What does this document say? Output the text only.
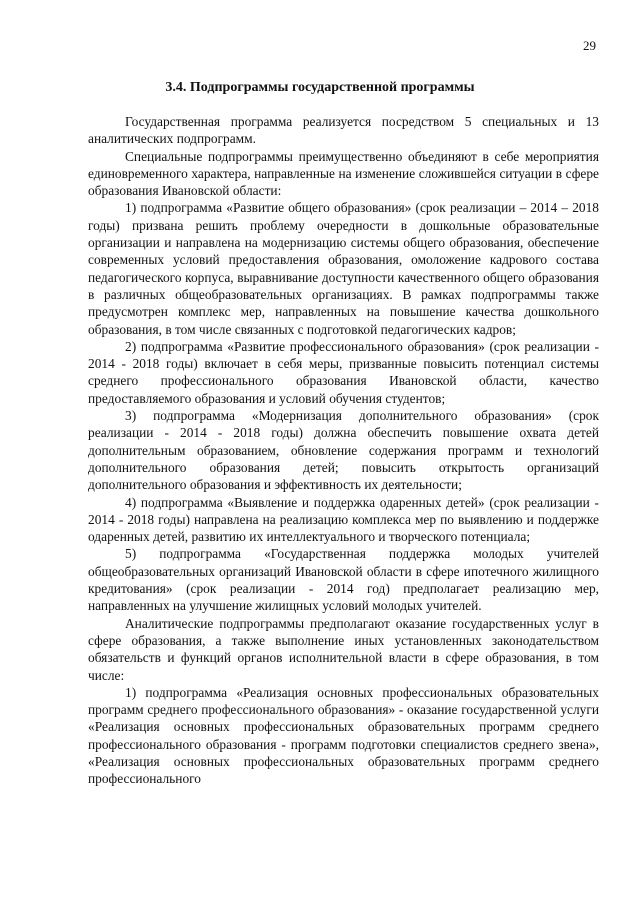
29
3.4. Подпрограммы государственной программы

Государственная программа реализуется посредством 5 специальных и 13 аналитических подпрограмм.

Специальные подпрограммы преимущественно объединяют в себе мероприятия единовременного характера, направленные на изменение сложившейся ситуации в сфере образования Ивановской области:

1) подпрограмма «Развитие общего образования» (срок реализации – 2014 – 2018 годы) призвана решить проблему очередности в дошкольные образовательные организации и направлена на модернизацию системы общего образования, обеспечение современных условий предоставления образования, омоложение кадрового состава педагогического корпуса, выравнивание доступности качественного общего образования в различных общеобразовательных организациях. В рамках подпрограммы также предусмотрен комплекс мер, направленных на повышение качества дошкольного образования, в том числе связанных с подготовкой педагогических кадров;

2) подпрограмма «Развитие профессионального образования» (срок реализации - 2014 - 2018 годы) включает в себя меры, призванные повысить потенциал системы среднего профессионального образования Ивановской области, качество предоставляемого образования и условий обучения студентов;

3) подпрограмма «Модернизация дополнительного образования» (срок реализации - 2014 - 2018 годы) должна обеспечить повышение охвата детей дополнительным образованием, обновление содержания программ и технологий дополнительного образования детей; повысить открытость организаций дополнительного образования и эффективность их деятельности;

4) подпрограмма «Выявление и поддержка одаренных детей» (срок реализации - 2014 - 2018 годы) направлена на реализацию комплекса мер по выявлению и поддержке одаренных детей, развитию их интеллектуального и творческого потенциала;

5) подпрограмма «Государственная поддержка молодых учителей общеобразовательных организаций Ивановской области в сфере ипотечного жилищного кредитования» (срок реализации - 2014 год) предполагает реализацию мер, направленных на улучшение жилищных условий молодых учителей.

Аналитические подпрограммы предполагают оказание государственных услуг в сфере образования, а также выполнение иных установленных законодательством обязательств и функций органов исполнительной власти в сфере образования, в том числе:

1) подпрограмма «Реализация основных профессиональных образовательных программ среднего профессионального образования» - оказание государственной услуги «Реализация основных профессиональных образовательных программ среднего профессионального образования - программ подготовки специалистов среднего звена», «Реализация основных профессиональных образовательных программ среднего профессионального
